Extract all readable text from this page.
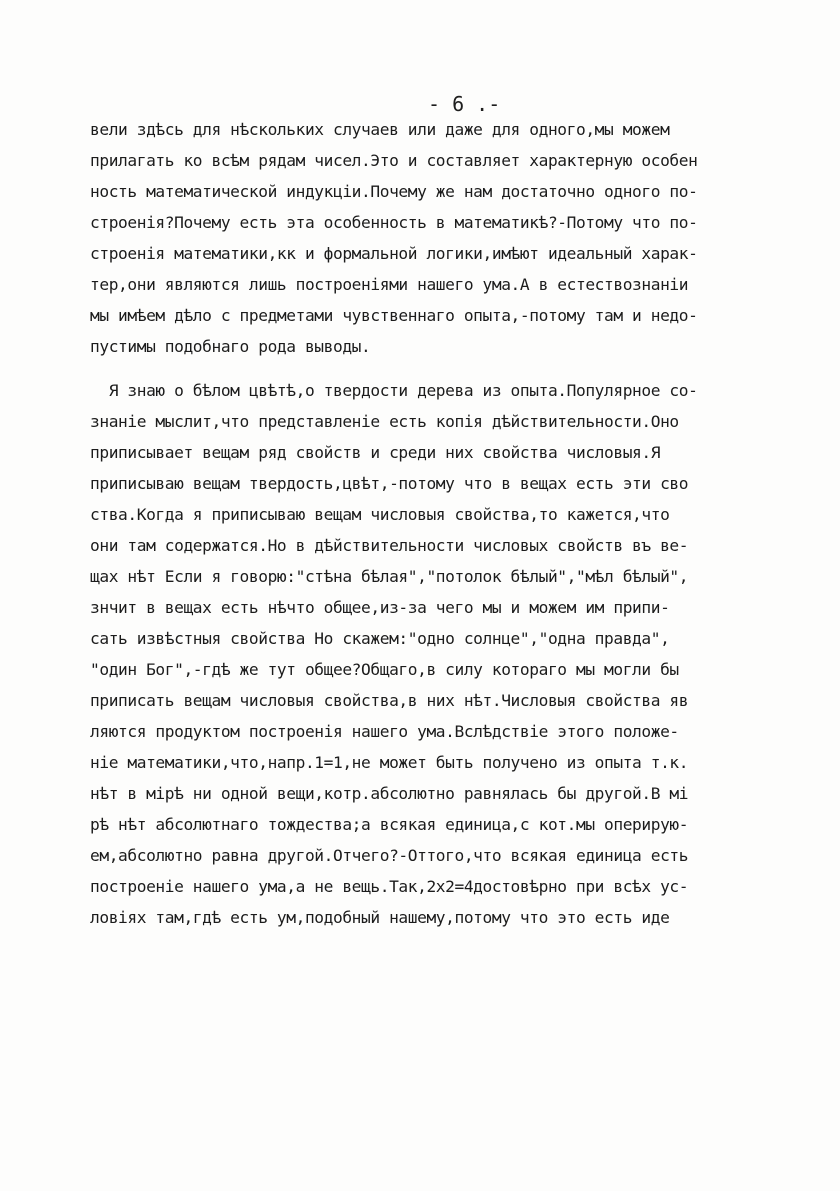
- 6 .-
вели здѣсь для нѣскольких случаев или даже для одного,мы можем
прилагать ко всѣм рядам чисел.Это и составляет характерную особен
ность математической индукціи.Почему же нам достаточно одного по-
строенія?Почему есть эта особенность в математикѣ?-Потому что по-
строенія математики,кк и формальной логики,имѣют идеальный харак-
тер,они являются лишь построеніями нашего ума.А в естествознаніи
мы имѣем дѣло с предметами чувственнаго опыта,-потому там и недо-
пустимы подобнаго рода выводы.
Я знаю о бѣлом цвѣтѣ,о твердости дерева из опыта.Популярное со-
знаніе мыслит,что представленіе есть копія дѣйствительности.Оно
приписывает вещам ряд свойств и среди них свойства числовыя.Я
приписываю вещам твердость,цвѣт,-потому что в вещах есть эти сво
ства.Когда я приписываю вещам числовыя свойства,то кажется,что
они там содержатся.Но в дѣйствительности числовых свойств въ ве-
щах нѣт Если я говорю:"стѣна бѣлая","потолок бѣлый","мѣл бѣлый",
знчит в вещах есть нѣчто общее,из-за чего мы и можем им припи-
сать извѣстныя свойства Но скажем:"одно солнце","одна правда",
"один Бог",-гдѣ же тут общее?Общаго,в силу котораго мы могли бы
приписать вещам числовыя свойства,в них нѣт.Числовыя свойства яв
ляются продуктом построенія нашего ума.Вслѣдствіе этого положе-
ніе математики,что,напр.1=1,не может быть получено из опыта т.к.
нѣт в мірѣ ни одной вещи,котр.абсолютно равнялась бы другой.В мі
рѣ нѣт абсолютнаго тождества;а всякая единица,с кот.мы оперирую-
ем,абсолютно равна другой.Отчего?-Оттого,что всякая единица есть
построеніе нашего ума,а не вещь.Так,2х2=4достовѣрно при всѣх ус-
ловіях там,гдѣ есть ум,подобный нашему,потому что это есть иде
